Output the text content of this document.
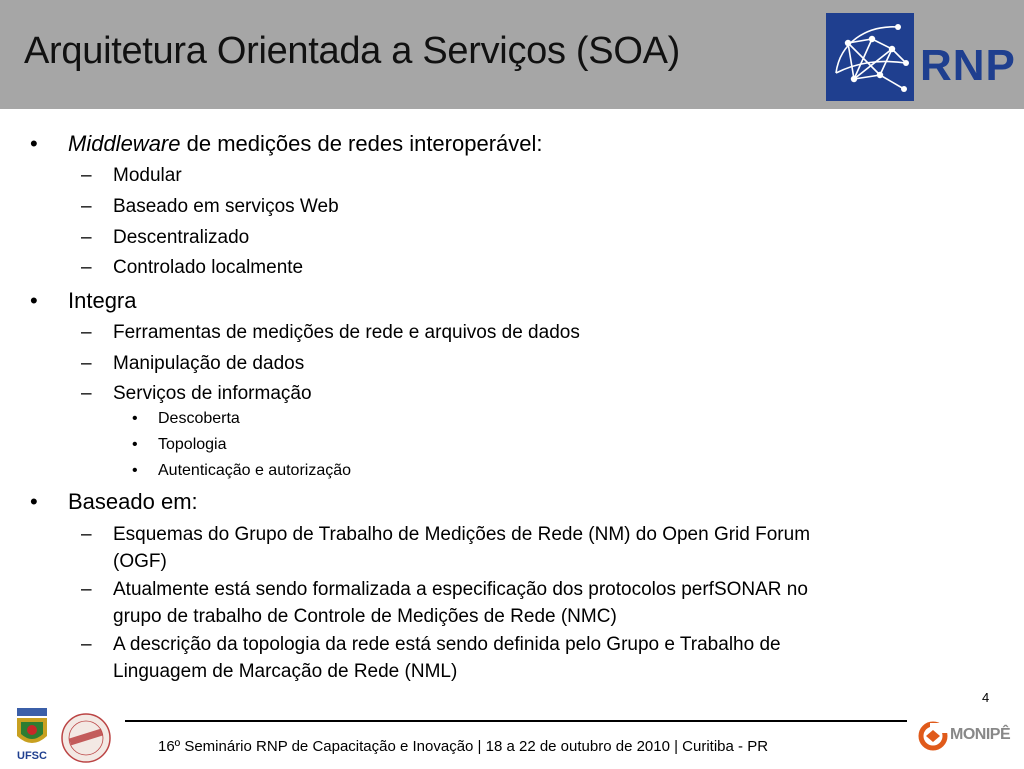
Arquitetura Orientada a Serviços (SOA)	RNP
• Middleware de medições de redes interoperável:
– Modular
– Baseado em serviços Web
– Descentralizado
– Controlado localmente
• Integra
– Ferramentas de medições de rede e arquivos de dados
– Manipulação de dados
– Serviços de informação
• Descoberta
• Topologia
• Autenticação e autorização
• Baseado em:
– Esquemas do Grupo de Trabalho de Medições de Rede (NM) do Open Grid Forum
(OGF)
– Atualmente está sendo formalizada a especificação dos protocolos perfSONAR no
grupo de trabalho de Controle de Medições de Rede (NMC)
– A descrição da topologia da rede está sendo definida pelo Grupo e Trabalho de
Linguagem de Marcação de Rede (NML)
4
UFSC
16º Seminário RNP de Capacitação e Inovação | 18 a 22 de outubro de 2010 | Curitiba - PR
MONIPÊ
